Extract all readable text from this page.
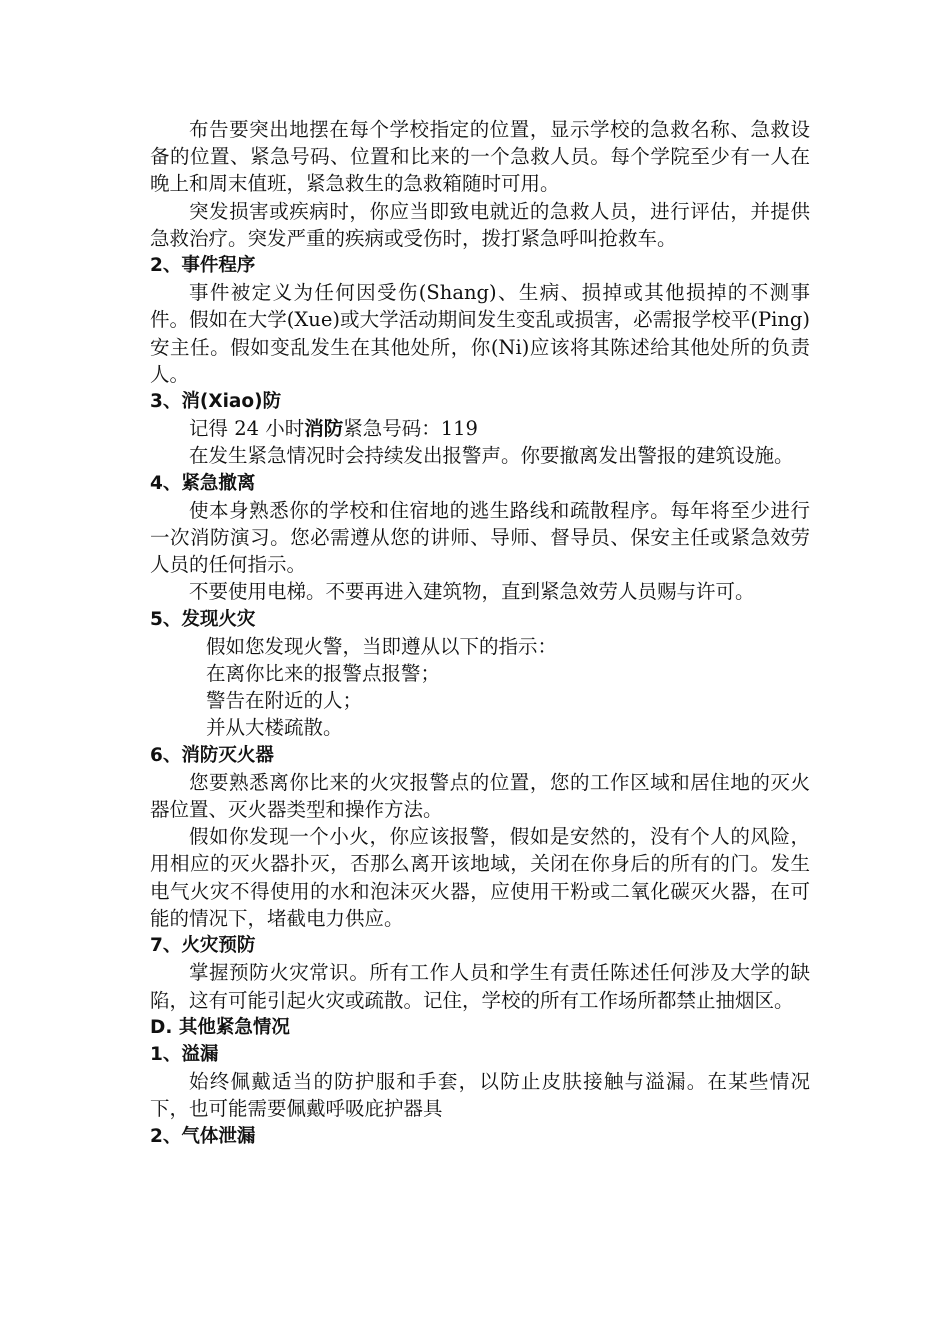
布告要突出地摆在每个学校指定的位置，显示学校的急救名称、急救设备的位置、紧急号码、位置和比来的一个急救人员。每个学院至少有一人在晚上和周末值班，紧急救生的急救箱随时可用。

突发损害或疾病时，你应当即致电就近的急救人员，进行评估，并提供急救治疗。突发严重的疾病或受伤时，拨打紧急呼叫抢救车。

2、事件程序

事件被定义为任何因受伤(Shang)、生病、损掉或其他损掉的不测事件。假如在大学(Xue)或大学活动期间发生变乱或损害，必需报学校平(Ping)安主任。假如变乱发生在其他处所，你(Ni)应该将其陈述给其他处所的负责人。

3、消(Xiao)防

记得 24 小时消防紧急号码：119

在发生紧急情况时会持续发出报警声。你要撤离发出警报的建筑设施。

4、紧急撤离

使本身熟悉你的学校和住宿地的逃生路线和疏散程序。每年将至少进行一次消防演习。您必需遵从您的讲师、导师、督导员、保安主任或紧急效劳人员的任何指示。

不要使用电梯。不要再进入建筑物，直到紧急效劳人员赐与许可。

5、发现火灾

假如您发现火警，当即遵从以下的指示：

在离你比来的报警点报警；

警告在附近的人；

并从大楼疏散。

6、消防灭火器

您要熟悉离你比来的火灾报警点的位置，您的工作区域和居住地的灭火器位置、灭火器类型和操作方法。

假如你发现一个小火，你应该报警，假如是安然的，没有个人的风险，用相应的灭火器扑灭，否那么离开该地域，关闭在你身后的所有的门。发生电气火灾不得使用的水和泡沫灭火器，应使用干粉或二氧化碳灭火器，在可能的情况下，堵截电力供应。

7、火灾预防

掌握预防火灾常识。所有工作人员和学生有责任陈述任何涉及大学的缺陷，这有可能引起火灾或疏散。记住，学校的所有工作场所都禁止抽烟区。

D. 其他紧急情况

1、溢漏

始终佩戴适当的防护服和手套，以防止皮肤接触与溢漏。在某些情况下，也可能需要佩戴呼吸庇护器具

2、气体泄漏
